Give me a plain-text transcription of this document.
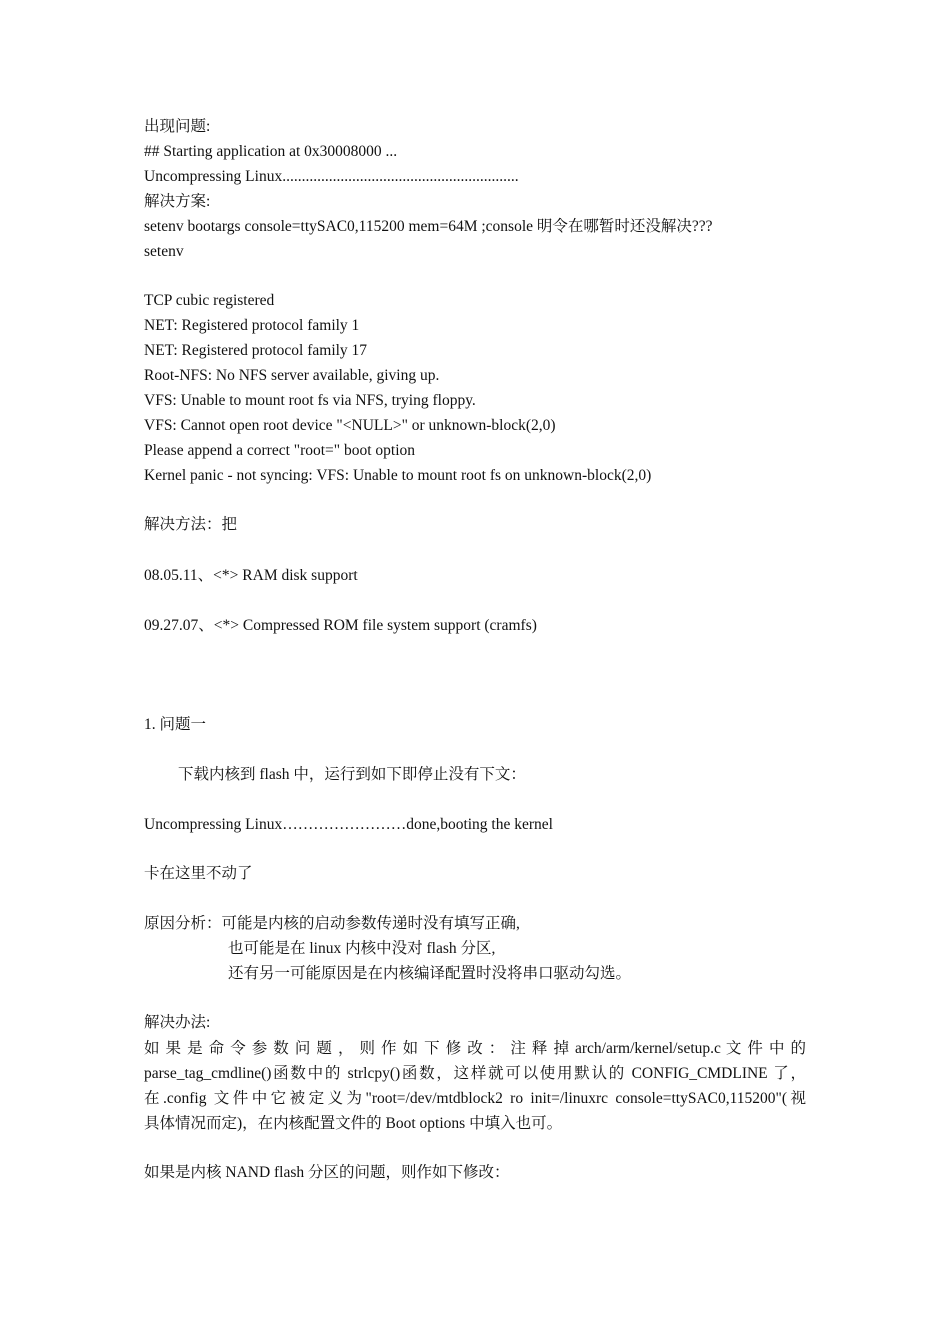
出现问题:
## Starting application at 0x30008000 ...
Uncompressing Linux.............................................................
解决方案:
setenv bootargs console=ttySAC0,115200 mem=64M ;console 明令在哪暂时还没解决???
setenv
TCP cubic registered
NET: Registered protocol family 1
NET: Registered protocol family 17
Root-NFS: No NFS server available, giving up.
VFS: Unable to mount root fs via NFS, trying floppy.
VFS: Cannot open root device "<NULL>" or unknown-block(2,0)
Please append a correct "root=" boot option
Kernel panic - not syncing: VFS: Unable to mount root fs on unknown-block(2,0)
解决方法：把
08.05.11、<*> RAM disk support
09.27.07、<*> Compressed ROM file system support (cramfs)
1. 问题一
下载内核到 flash 中，运行到如下即停止没有下文：
Uncompressing Linux……………………done,booting the kernel
卡在这里不动了
原因分析：可能是内核的启动参数传递时没有填写正确,
也可能是在 linux 内核中没对 flash 分区,
还有另一可能原因是在内核编译配置时没将串口驱动勾选。
解决办法:
如 果 是 命 令 参 数 问 题 ， 则 作 如 下 修 改 ： 注 释 掉 arch/arm/kernel/setup.c 文 件 中 的
parse_tag_cmdline()函数中的 strlcpy()函数，这样就可以使用默认的 CONFIG_CMDLINE 了，
在.config 文件中它被定义为"root=/dev/mtdblock2 ro init=/linuxrc console=ttySAC0,115200"(视
具体情况而定)，在内核配置文件的 Boot options 中填入也可。
如果是内核 NAND flash 分区的问题，则作如下修改：
